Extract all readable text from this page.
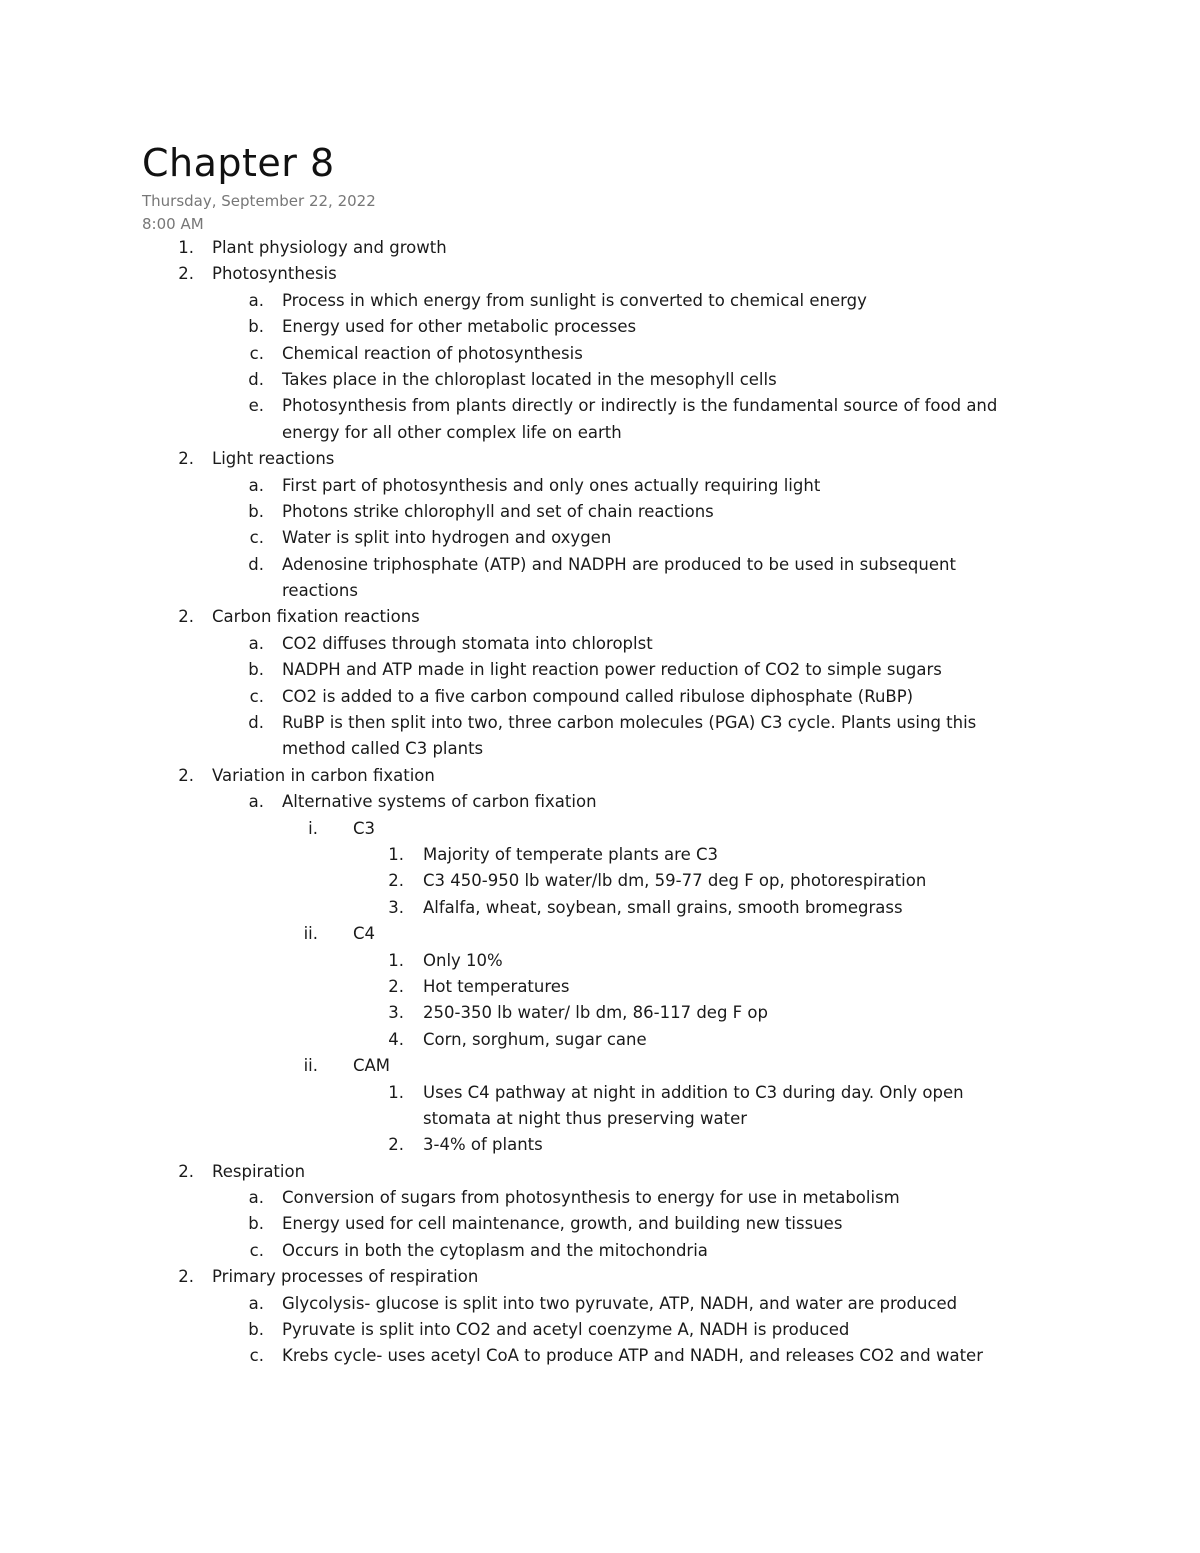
Chapter 8
Thursday, September 22, 2022
8:00 AM
1. Plant physiology and growth
2. Photosynthesis
a. Process in which energy from sunlight is converted to chemical energy
b. Energy used for other metabolic processes
c. Chemical reaction of photosynthesis
d. Takes place in the chloroplast located in the mesophyll cells
e. Photosynthesis from plants directly or indirectly is the fundamental source of food and
energy for all other complex life on earth
2. Light reactions
a. First part of photosynthesis and only ones actually requiring light
b. Photons strike chlorophyll and set of chain reactions
c. Water is split into hydrogen and oxygen
d. Adenosine triphosphate (ATP) and NADPH are produced to be used in subsequent
reactions
2. Carbon fixation reactions
a. CO2 diffuses through stomata into chloroplst
b. NADPH and ATP made in light reaction power reduction of CO2 to simple sugars
c. CO2 is added to a five carbon compound called ribulose diphosphate (RuBP)
d. RuBP is then split into two, three carbon molecules (PGA) C3 cycle. Plants using this
method called C3 plants
2. Variation in carbon fixation
a. Alternative systems of carbon fixation
i. C3
1. Majority of temperate plants are C3
2. C3 450-950 lb water/lb dm, 59-77 deg F op, photorespiration
3. Alfalfa, wheat, soybean, small grains, smooth bromegrass
ii. C4
1. Only 10%
2. Hot temperatures
3. 250-350 lb water/ lb dm, 86-117 deg F op
4. Corn, sorghum, sugar cane
ii. CAM
1. Uses C4 pathway at night in addition to C3 during day. Only open
stomata at night thus preserving water
2. 3-4% of plants
2. Respiration
a. Conversion of sugars from photosynthesis to energy for use in metabolism
b. Energy used for cell maintenance, growth, and building new tissues
c. Occurs in both the cytoplasm and the mitochondria
2. Primary processes of respiration
a. Glycolysis- glucose is split into two pyruvate, ATP, NADH, and water are produced
b. Pyruvate is split into CO2 and acetyl coenzyme A, NADH is produced
c. Krebs cycle- uses acetyl CoA to produce ATP and NADH, and releases CO2 and water
